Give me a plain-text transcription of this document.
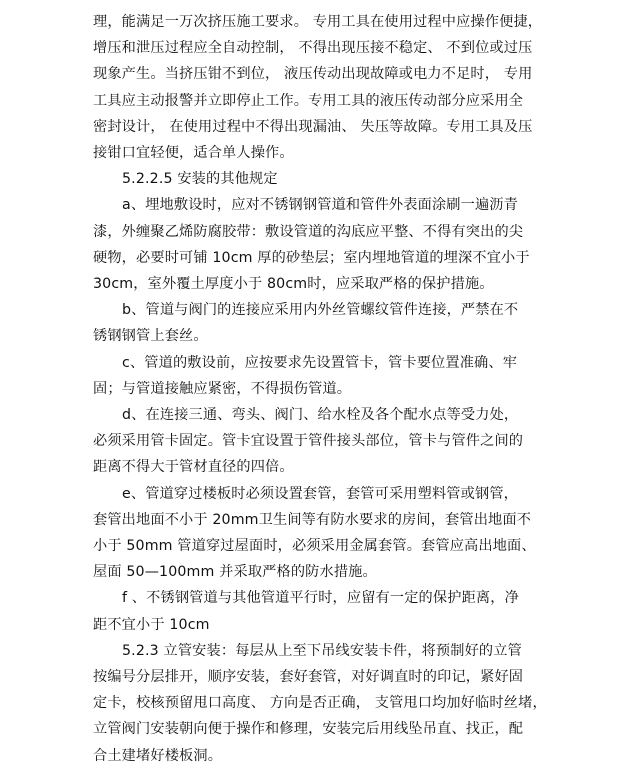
理，能满足一万次挤压施工要求。 专用工具在使用过程中应操作便捷，
增压和泄压过程应全自动控制， 不得出现压接不稳定、 不到位或过压
现象产生。当挤压钳不到位， 液压传动出现故障或电力不足时， 专用
工具应主动报警并立即停止工作。专用工具的液压传动部分应采用全
密封设计， 在使用过程中不得出现漏油、 失压等故障。专用工具及压
接钳口宜轻便，适合单人操作。
5.2.2.5 安装的其他规定
a、埋地敷设时，应对不锈钢钢管道和管件外表面涂刷一遍沥青
漆，外缠聚乙烯防腐胶带：敷设管道的沟底应平整、不得有突出的尖
硬物，必要时可铺 10cm 厚的砂垫层；室内埋地管道的埋深不宜小于
30cm，室外覆土厚度小于 80cm时，应采取严格的保护措施。
b、管道与阀门的连接应采用内外丝管螺纹管件连接，严禁在不
锈钢钢管上套丝。
c、管道的敷设前，应按要求先设置管卡，管卡要位置准确、牢
固；与管道接触应紧密，不得损伤管道。
d、在连接三通、弯头、阀门、给水栓及各个配水点等受力处，
必须采用管卡固定。管卡宜设置于管件接头部位，管卡与管件之间的
距离不得大于管材直径的四倍。
e、管道穿过楼板时必须设置套管，套管可采用塑料管或钢管，
套管出地面不小于 20mm卫生间等有防水要求的房间，套管出地面不
小于 50mm 管道穿过屋面时，必须采用金属套管。套管应高出地面、
屋面 50—100mm 并采取严格的防水措施。
f 、不锈钢管道与其他管道平行时，应留有一定的保护距离，净
距不宜小于 10cm
5.2.3 立管安装：每层从上至下吊线安装卡件，将预制好的立管
按编号分层排开，顺序安装，套好套管，对好调直时的印记，紧好固
定卡，校核预留甩口高度、 方向是否正确， 支管甩口均加好临时丝堵，
立管阀门安装朝向便于操作和修理，安装完后用线坠吊直、找正，配
合土建堵好楼板洞。
